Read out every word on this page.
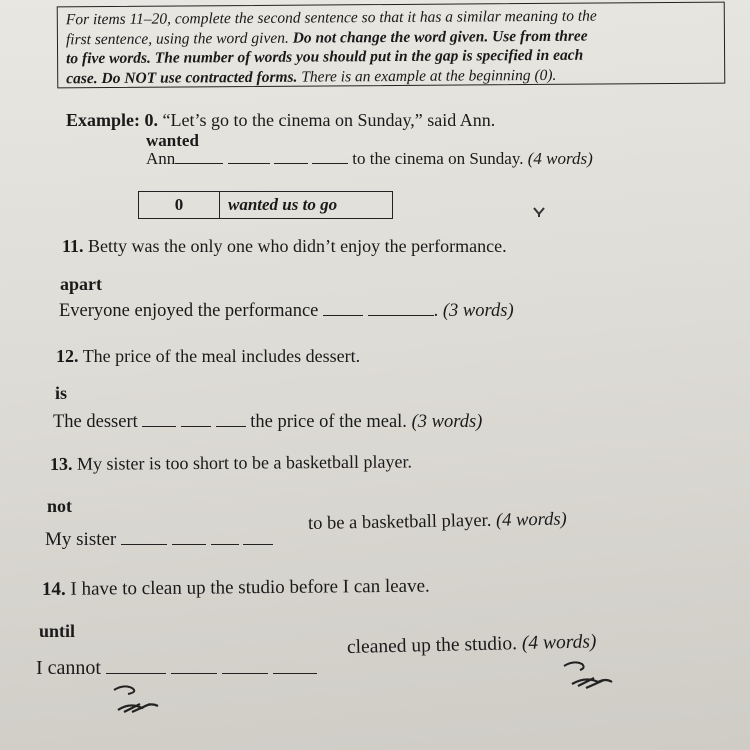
For items 11–20, complete the second sentence so that it has a similar meaning to the
first sentence, using the word given. Do not change the word given. Use from three
to five words. The number of words you should put in the gap is specified in each
case. Do NOT use contracted forms. There is an example at the beginning (0).
Example: 0. “Let’s go to the cinema on Sunday,” said Ann.
wanted
Ann	to the cinema on Sunday. (4 words)
0	wanted us to go
11. Betty was the only one who didn’t enjoy the performance.
apart
Everyone enjoyed the performance	. (3 words)
12. The price of the meal includes dessert.
is
The dessert	the price of the meal. (3 words)
13. My sister is too short to be a basketball player.
not
My sister
to be a basketball player. (4 words)
14. I have to clean up the studio before I can leave.
until
I cannot
cleaned up the studio. (4 words)
